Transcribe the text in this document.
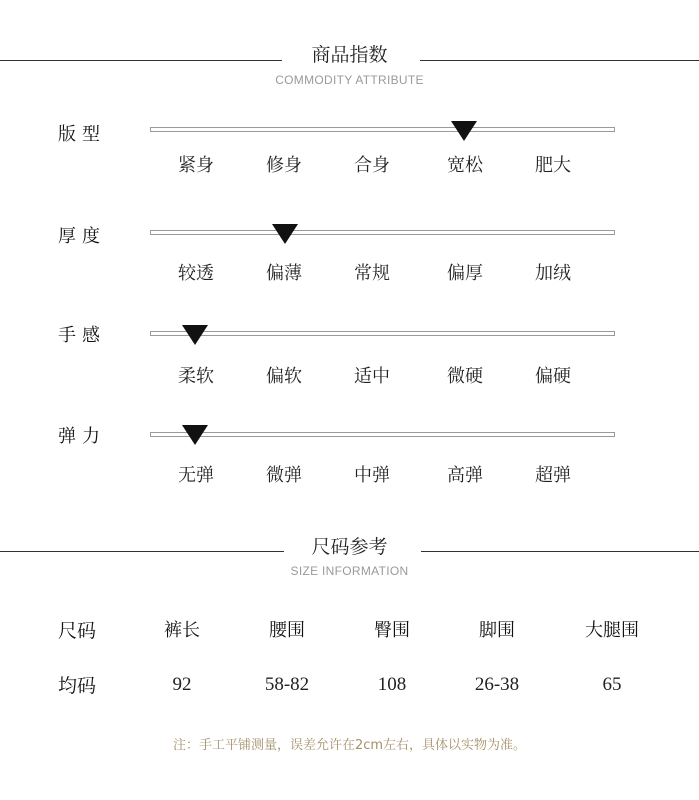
商品指数
COMMODITY ATTRIBUTE
版型
紧身	修身	合身	宽松	肥大
厚度
较透	偏薄	常规	偏厚	加绒
手感
柔软	偏软	适中	微硬	偏硬
弹力
无弹	微弹	中弹	高弹	超弹
尺码参考
SIZE INFORMATION
尺码	裤长	腰围	臀围	脚围	大腿围
均码	92	58-82	108	26-38	65
注：手工平铺测量，误差允许在2cm左右，具体以实物为准。
